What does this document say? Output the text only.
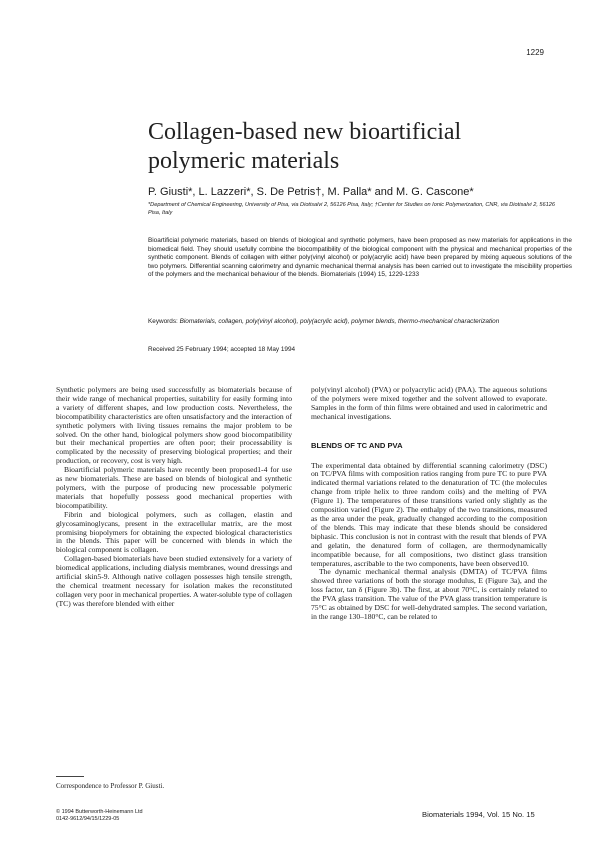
1229
Collagen-based new bioartificial polymeric materials
P. Giusti*, L. Lazzeri*, S. De Petris†, M. Palla* and M. G. Cascone*
*Department of Chemical Engineering, University of Pisa, via Diotisalvi 2, 56126 Pisa, Italy; †Center for Studies on Ionic Polymerization, CNR, via Diotisalvi 2, 56126 Pisa, Italy

Bioartificial polymeric materials, based on blends of biological and synthetic polymers, have been proposed as new materials for applications in the biomedical field. They should usefully combine the biocompatibility of the biological component with the physical and mechanical properties of the synthetic component. Blends of collagen with either poly(vinyl alcohol) or poly(acrylic acid) have been prepared by mixing aqueous solutions of the two polymers. Differential scanning calorimetry and dynamic mechanical thermal analysis has been carried out to investigate the miscibility properties of the polymers and the mechanical behaviour of the blends. Biomaterials (1994) 15, 1229-1233

Keywords: Biomaterials, collagen, poly(vinyl alcohol), poly(acrylic acid), polymer blends, thermo-mechanical characterization

Received 25 February 1994; accepted 18 May 1994

Synthetic polymers are being used successfully as biomaterials because of their wide range of mechanical properties, suitability for easily forming into a variety of different shapes, and low production costs. Nevertheless, the biocompatibility characteristics are often unsatisfactory and the interaction of synthetic polymers with living tissues remains the major problem to be solved. On the other hand, biological polymers show good biocompatibility but their mechanical properties are often poor; their processability is complicated by the necessity of preserving biological properties; and their production, or recovery, cost is very high.

Bioartificial polymeric materials have recently been proposed1-4 for use as new biomaterials. These are based on blends of biological and synthetic polymers, with the purpose of producing new processable polymeric materials that hopefully possess good mechanical properties with biocompatibility.

Fibrin and biological polymers, such as collagen, elastin and glycosaminoglycans, present in the extracellular matrix, are the most promising biopolymers for obtaining the expected biological characteristics in the blends. This paper will be concerned with blends in which the biological component is collagen.

Collagen-based biomaterials have been studied extensively for a variety of biomedical applications, including dialysis membranes, wound dressings and artificial skin5-9. Although native collagen possesses high tensile strength, the chemical treatment necessary for isolation makes the reconstituted collagen very poor in mechanical properties. A water-soluble type of collagen (TC) was therefore blended with either

poly(vinyl alcohol) (PVA) or polyacrylic acid) (PAA). The aqueous solutions of the polymers were mixed together and the solvent allowed to evaporate. Samples in the form of thin films were obtained and used in calorimetric and mechanical investigations.

BLENDS OF TC AND PVA

The experimental data obtained by differential scanning calorimetry (DSC) on TC/PVA films with composition ratios ranging from pure TC to pure PVA indicated thermal variations related to the denaturation of TC (the molecules change from triple helix to three random coils) and the melting of PVA (Figure 1). The temperatures of these transitions varied only slightly as the composition varied (Figure 2). The enthalpy of the two transitions, measured as the area under the peak, gradually changed according to the composition of the blends. This may indicate that these blends should be considered biphasic. This conclusion is not in contrast with the result that blends of PVA and gelatin, the denatured form of collagen, are thermodynamically incompatible because, for all compositions, two distinct glass transition temperatures, ascribable to the two components, have been observed10.

The dynamic mechanical thermal analysis (DMTA) of TC/PVA films showed three variations of both the storage modulus, E (Figure 3a), and the loss factor, tan δ (Figure 3b). The first, at about 70°C, is certainly related to the PVA glass transition. The value of the PVA glass transition temperature is 75°C as obtained by DSC for well-dehydrated samples. The second variation, in the range 130–180°C, can be related to

Correspondence to Professor P. Giusti.
© 1994 Butterworth-Heinemann Ltd
0142-9612/94/15/1229-05	Biomaterials 1994, Vol. 15 No. 15
